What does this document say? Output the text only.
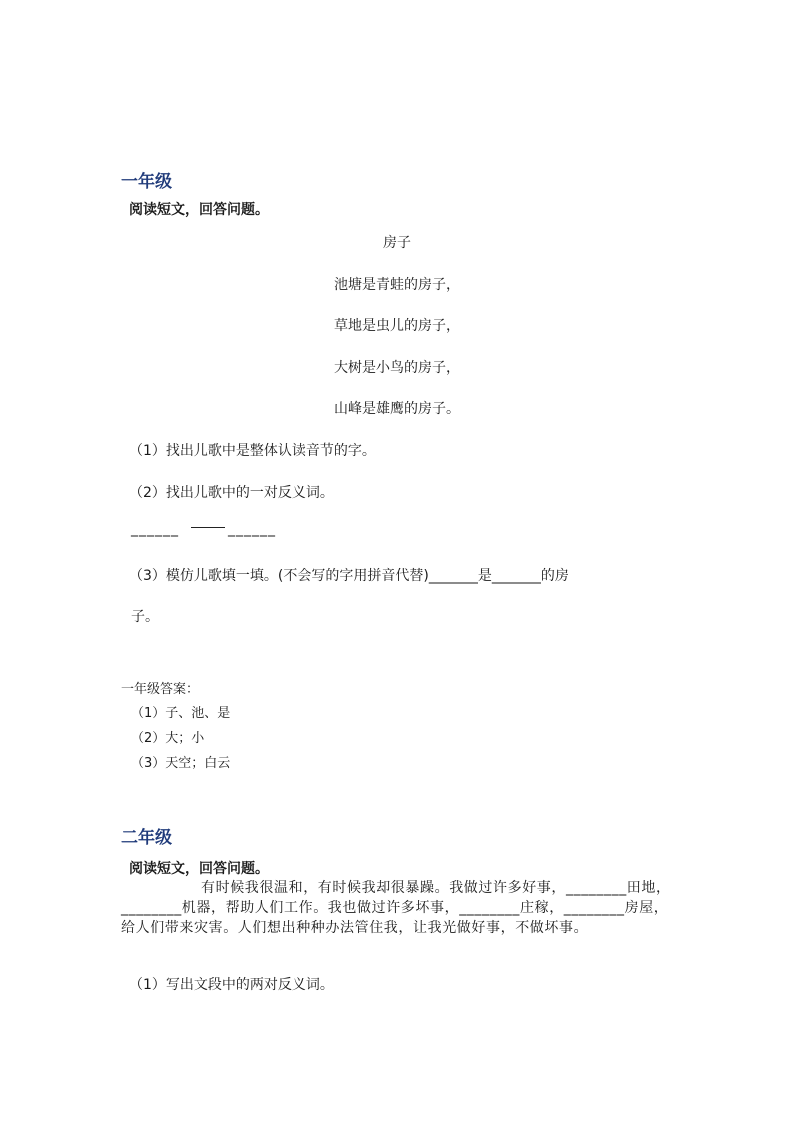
一年级
阅读短文，回答问题。
房子
池塘是青蛙的房子，
草地是虫儿的房子，
大树是小鸟的房子，
山峰是雄鹰的房子。
（1）找出儿歌中是整体认读音节的字。
（2）找出儿歌中的一对反义词。
______	______
（3）模仿儿歌填一填。(不会写的字用拼音代替)_______是_______的房
子。
一年级答案：
（1）子、池、是
（2）大；小
（3）天空；白云
二年级
阅读短文，回答问题。
有时候我很温和，有时候我却很暴躁。我做过许多好事，________田地，________机器，帮助人们工作。我也做过许多坏事，________庄稼，________房屋，给人们带来灾害。人们想出种种办法管住我，让我光做好事，不做坏事。
（1）写出文段中的两对反义词。
